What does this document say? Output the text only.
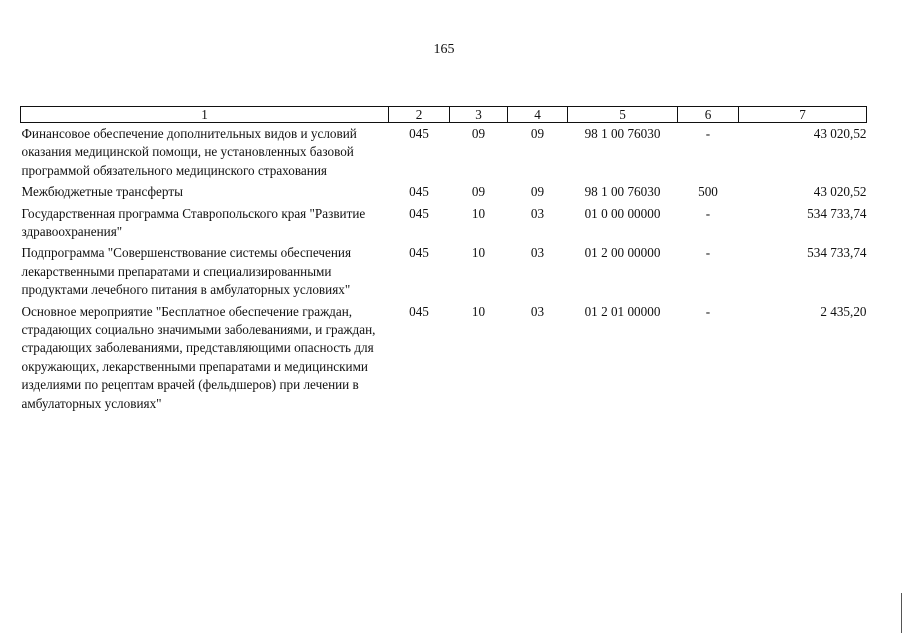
165
1	2	3	4	5	6	7
Финансовое обеспечение дополнительных видов и условий оказания медицинской помощи, не установленных базовой программой обязательного медицинского страхования	045	09	09	98 1 00 76030	-	43 020,52
Межбюджетные трансферты	045	09	09	98 1 00 76030	500	43 020,52
Государственная программа Ставропольского края "Развитие здравоохранения"	045	10	03	01 0 00 00000	-	534 733,74
Подпрограмма "Совершенствование системы обеспечения лекарственными препаратами и специализированными продуктами лечебного питания в амбулаторных условиях"	045	10	03	01 2 00 00000	-	534 733,74
Основное мероприятие "Бесплатное обеспечение граждан, страдающих социально значимыми заболеваниями, и граждан, страдающих заболеваниями, представляющими опасность для окружающих, лекарственными препаратами и медицинскими изделиями по рецептам врачей (фельдшеров) при лечении в амбулаторных условиях"	045	10	03	01 2 01 00000	-	2 435,20
